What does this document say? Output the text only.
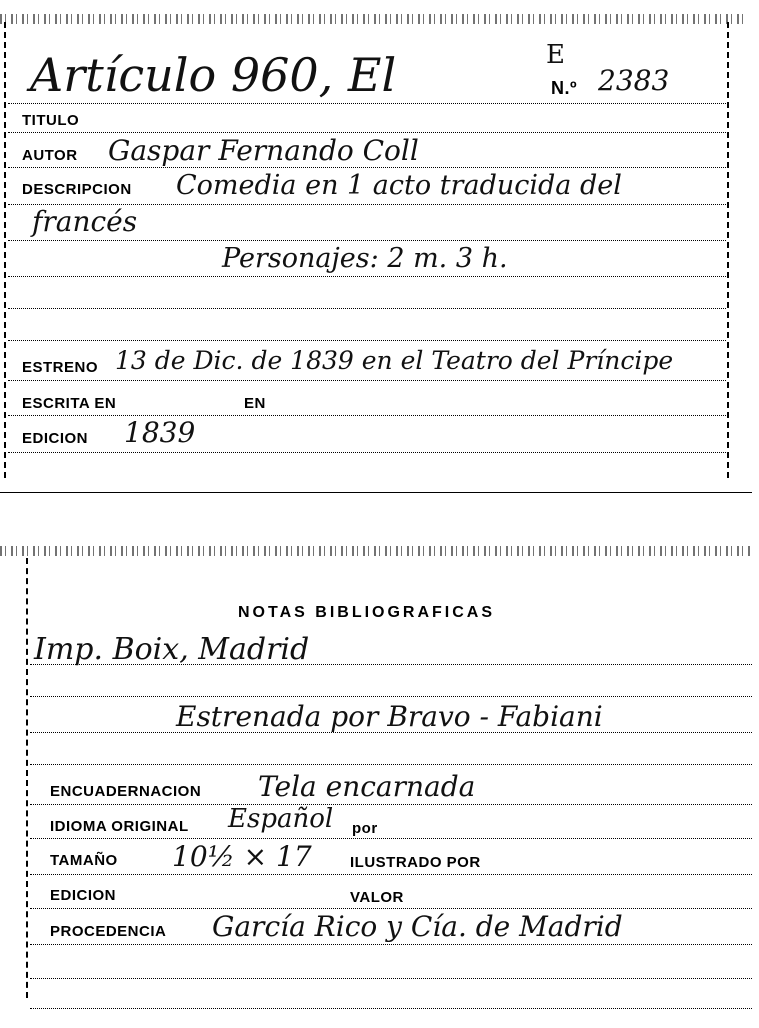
Artículo 960, El	E
N.º 2383
TITULO
AUTOR Gaspar Fernando Coll
DESCRIPCION Comedia en 1 acto traducida del
francés
Personajes: 2 m. 3 h.
ESTRENO 13 de Dic. de 1839 en el Teatro del Príncipe
ESCRITA EN	EN
EDICION 1839
NOTAS BIBLIOGRAFICAS
Imp. Boix, Madrid
Estrenada por Bravo - Fabiani
ENCUADERNACION Tela encarnada
IDIOMA ORIGINAL Español por
TAMAÑO 10½ × 17	ILUSTRADO POR
EDICION	VALOR
PROCEDENCIA García Rico y Cía. de Madrid
